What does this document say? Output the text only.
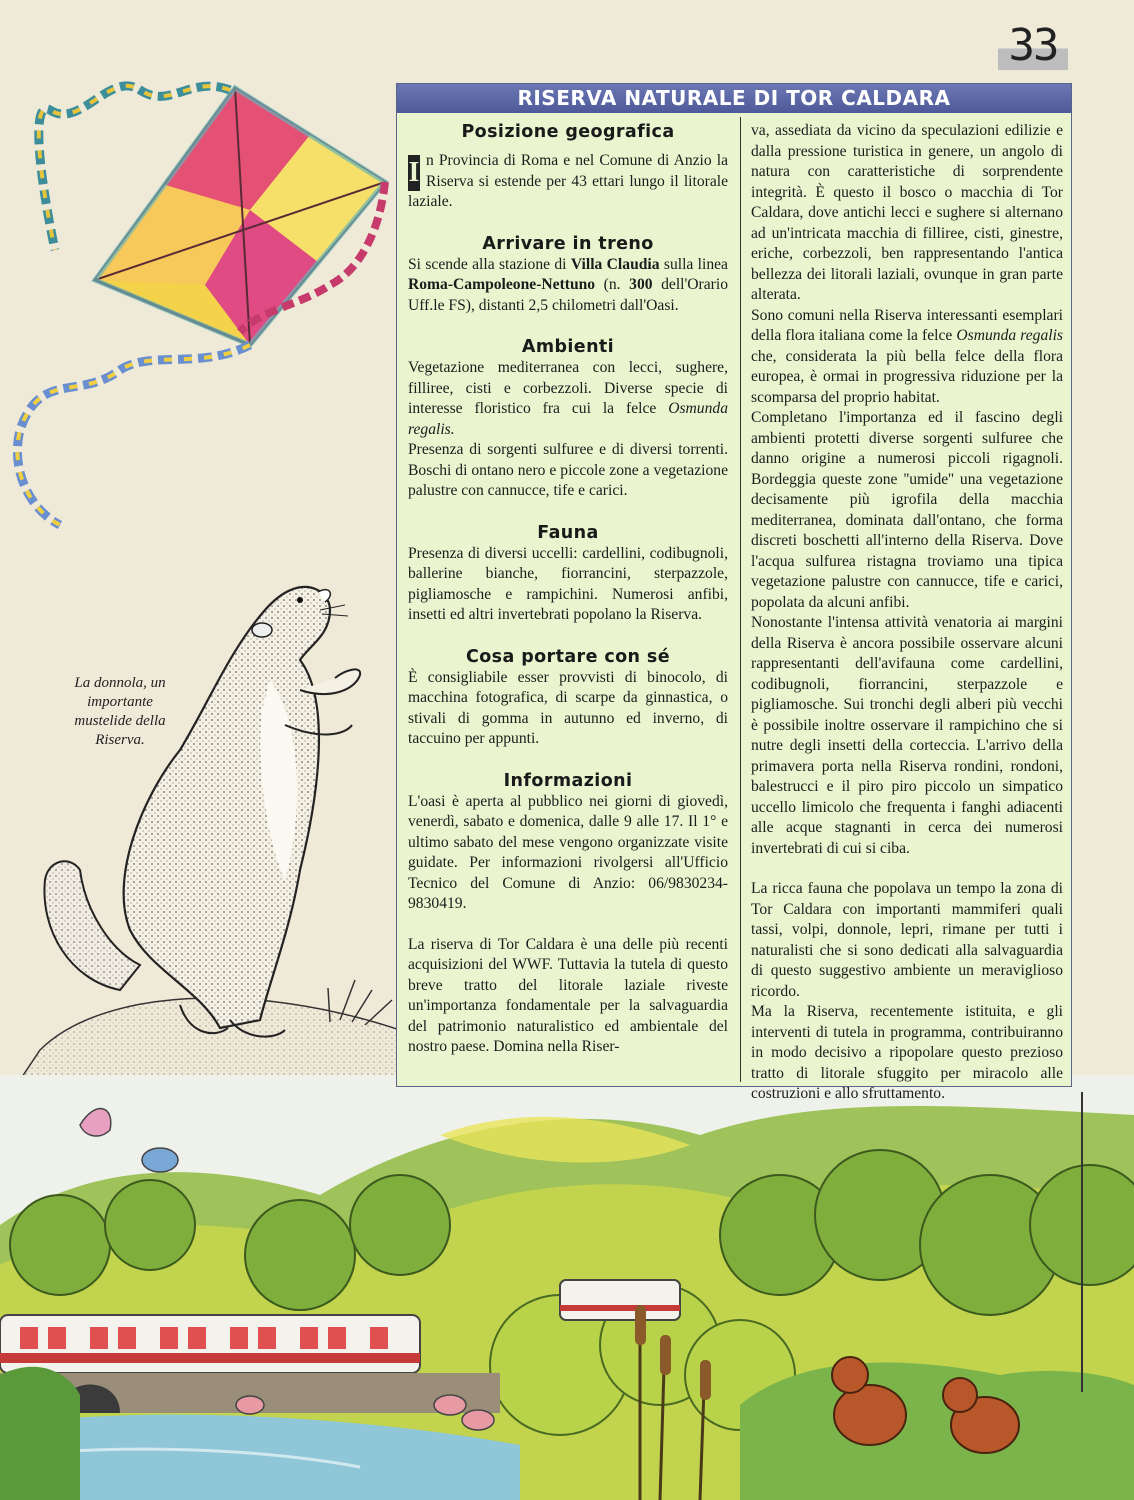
33
La donnola, un importante mustelide della Riserva.
RISERVA NATURALE DI TOR CALDARA
Posizione geografica

I n Provincia di Roma e nel Comune di Anzio la Riserva si estende per 43 ettari lungo il litorale laziale.

Arrivare in treno

Si scende alla stazione di Villa Claudia sulla linea Roma-Campoleone-Nettuno (n. 300 dell'Orario Uff.le FS), distanti 2,5 chilometri dall'Oasi.

Ambienti

Vegetazione mediterranea con lecci, sughere, filliree, cisti e corbezzoli. Diverse specie di interesse floristico fra cui la felce Osmunda regalis.

Presenza di sorgenti sulfuree e di diversi torrenti. Boschi di ontano nero e piccole zone a vegetazione palustre con cannucce, tife e carici.

Fauna

Presenza di diversi uccelli: cardellini, codibugnoli, ballerine bianche, fiorrancini, sterpazzole, pigliamosche e rampichini. Numerosi anfibi, insetti ed altri invertebrati popolano la Riserva.

Cosa portare con sé

È consigliabile esser provvisti di binocolo, di macchina fotografica, di scarpe da ginnastica, o stivali di gomma in autunno ed inverno, di taccuino per appunti.

Informazioni

L'oasi è aperta al pubblico nei giorni di giovedì, venerdì, sabato e domenica, dalle 9 alle 17. Il 1° e ultimo sabato del mese vengono organizzate visite guidate. Per informazioni rivolgersi all'Ufficio Tecnico del Comune di Anzio: 06/9830234-9830419.

La riserva di Tor Caldara è una delle più recenti acquisizioni del WWF. Tuttavia la tutela di questo breve tratto del litorale laziale riveste un'importanza fondamentale per la salvaguardia del patrimonio naturalistico ed ambientale del nostro paese. Domina nella Riser-

va, assediata da vicino da speculazioni edilizie e dalla pressione turistica in genere, un angolo di natura con caratteristiche di sorprendente integrità. È questo il bosco o macchia di Tor Caldara, dove antichi lecci e sughere si alternano ad un'intricata macchia di filliree, cisti, ginestre, eriche, corbezzoli, ben rappresentando l'antica bellezza dei litorali laziali, ovunque in gran parte alterata.

Sono comuni nella Riserva interessanti esemplari della flora italiana come la felce Osmunda regalis che, considerata la più bella felce della flora europea, è ormai in progressiva riduzione per la scomparsa del proprio habitat.

Completano l'importanza ed il fascino degli ambienti protetti diverse sorgenti sulfuree che danno origine a numerosi piccoli rigagnoli. Bordeggia queste zone ''umide'' una vegetazione decisamente più igrofila della macchia mediterranea, dominata dall'ontano, che forma discreti boschetti all'interno della Riserva. Dove l'acqua sulfurea ristagna troviamo una tipica vegetazione palustre con cannucce, tife e carici, popolata da alcuni anfibi.

Nonostante l'intensa attività venatoria ai margini della Riserva è ancora possibile osservare alcuni rappresentanti dell'avifauna come cardellini, codibugnoli, fiorrancini, sterpazzole e pigliamosche. Sui tronchi degli alberi più vecchi è possibile inoltre osservare il rampichino che si nutre degli insetti della corteccia. L'arrivo della primavera porta nella Riserva rondini, rondoni, balestrucci e il piro piro piccolo un simpatico uccello limicolo che frequenta i fanghi adiacenti alle acque stagnanti in cerca dei numerosi invertebrati di cui si ciba.

La ricca fauna che popolava un tempo la zona di Tor Caldara con importanti mammiferi quali tassi, volpi, donnole, lepri, rimane per tutti i naturalisti che si sono dedicati alla salvaguardia di questo suggestivo ambiente un meraviglioso ricordo.

Ma la Riserva, recentemente istituita, e gli interventi di tutela in programma, contribuiranno in modo decisivo a ripopolare questo prezioso tratto di litorale sfuggito per miracolo alle costruzioni e allo sfruttamento.
